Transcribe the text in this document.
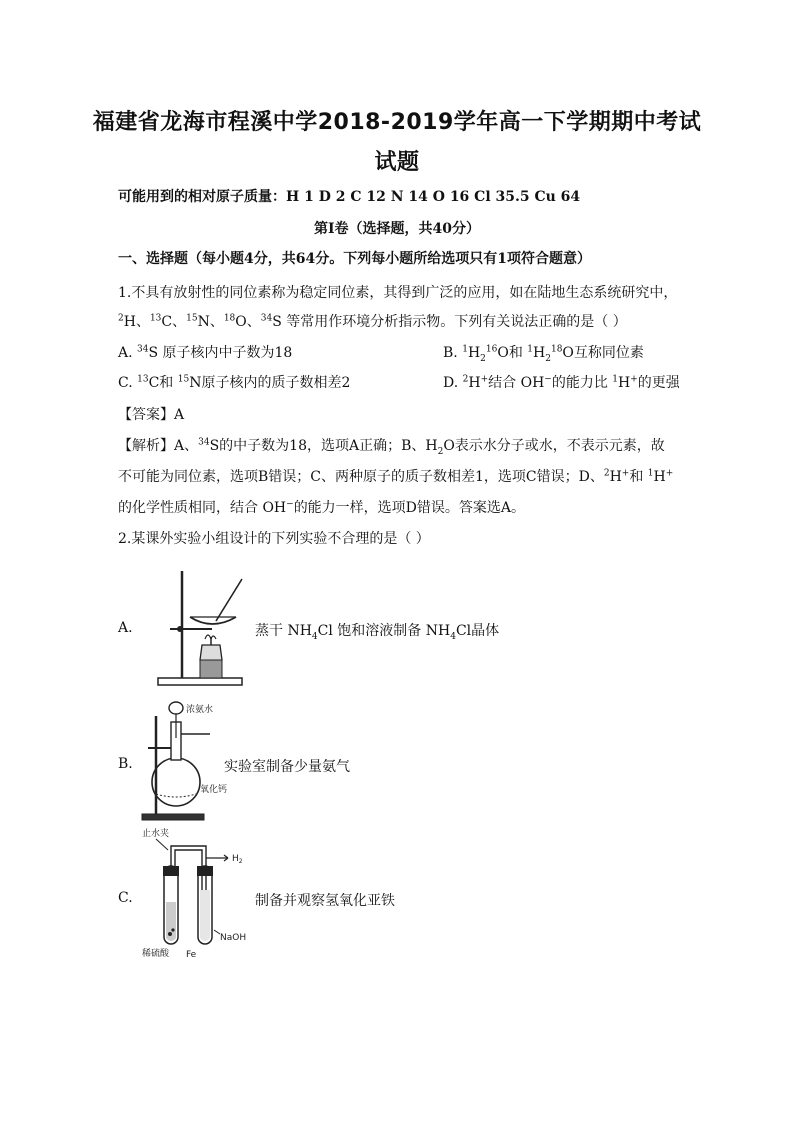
福建省龙海市程溪中学2018-2019学年高一下学期期中考试
试题
可能用到的相对原子质量：H 1 D 2 C 12 N 14 O 16 Cl 35.5 Cu 64
第Ⅰ卷（选择题，共40分）
一、选择题（每小题4分，共64分。下列每小题所给选项只有1项符合题意）
1.不具有放射性的同位素称为稳定同位素，其得到广泛的应用，如在陆地生态系统研究中，
$^2$H、$^{13}$C、$^{15}$N、$^{18}$O、$^{34}$S 等常用作环境分析指示物。下列有关说法正确的是（ ）
A. $^{34}$S 原子核内中子数为18	B. $^1H_2^{16}O$和 $^1H_2^{18}O$互称同位素
C. $^{13}$C和 $^{15}$N原子核内的质子数相差2	D. $^2$H+结合 OH−的能力比 $^1$H+的更强
【答案】A
【解析】A、$^{34}$S的中子数为18，选项A正确；B、$H_2O$表示水分子或水，不表示元素，故
不可能为同位素，选项B错误；C、两种原子的质子数相差1，选项C错误；D、$^2$H+和 $^1$H+
的化学性质相同，结合 OH−的能力一样，选项D错误。答案选A。
2.某课外实验小组设计的下列实验不合理的是（ ）
A.	蒸干 $NH_4Cl$ 饱和溶液制备 $NH_4Cl$晶体
B.
浓氨水
氧化钙
实验室制备少量氨气
C.
止水夹
$H_2$
NaOH
稀硫酸 Fe
制备并观察氢氧化亚铁
